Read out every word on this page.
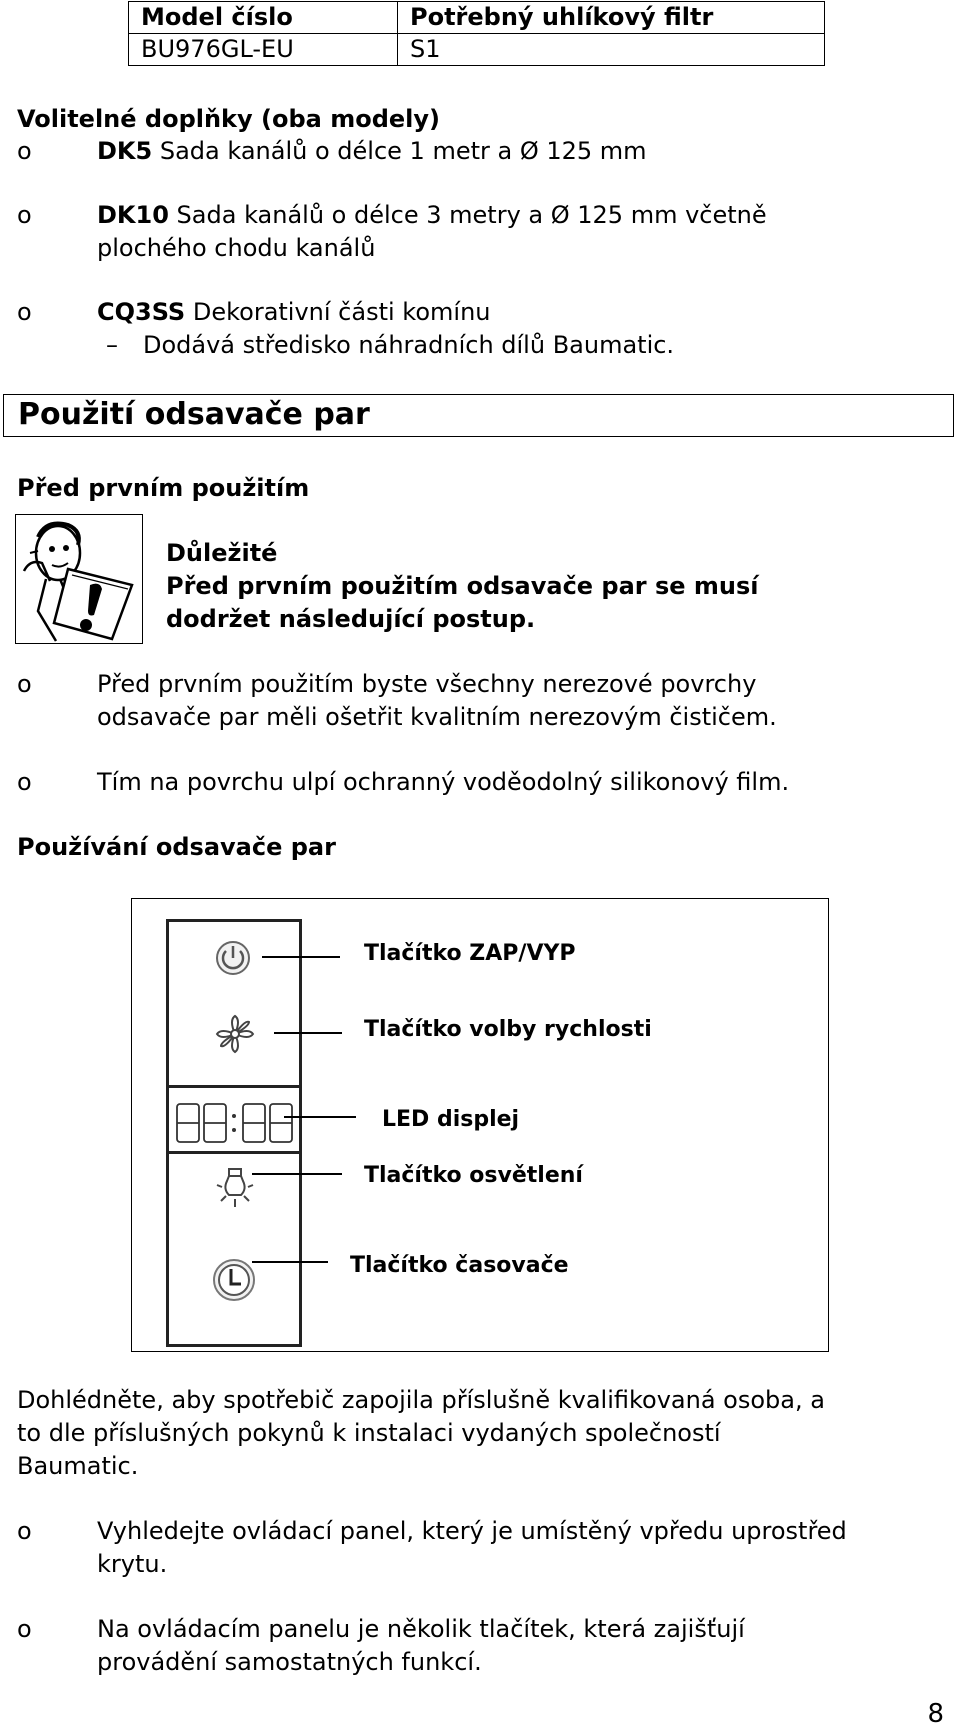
Model číslo	Potřebný uhlíkový filtr
BU976GL-EU	S1
Volitelné doplňky (oba modely)
o	DK5 Sada kanálů o délce 1 metr a Ø 125 mm
o	DK10 Sada kanálů o délce 3 metry a Ø 125 mm včetně
plochého chodu kanálů
o	CQ3SS Dekorativní části komínu
– Dodává středisko náhradních dílů Baumatic.
Použití odsavače par
Před prvním použitím
Důležité
Před prvním použitím odsavače par se musí
dodržet následující postup.
o	Před prvním použitím byste všechny nerezové povrchy
odsavače par měli ošetřit kvalitním nerezovým čističem.
o	Tím na povrchu ulpí ochranný voděodolný silikonový film.
Používání odsavače par
Tlačítko ZAP/VYP
Tlačítko volby rychlosti
LED displej
Tlačítko osvětlení
Tlačítko časovače
Dohlédněte, aby spotřebič zapojila příslušně kvalifikovaná osoba, a
to dle příslušných pokynů k instalaci vydaných společností
Baumatic.
o	Vyhledejte ovládací panel, který je umístěný vpředu uprostřed
krytu.
o	Na ovládacím panelu je několik tlačítek, která zajišťují
provádění samostatných funkcí.
8
